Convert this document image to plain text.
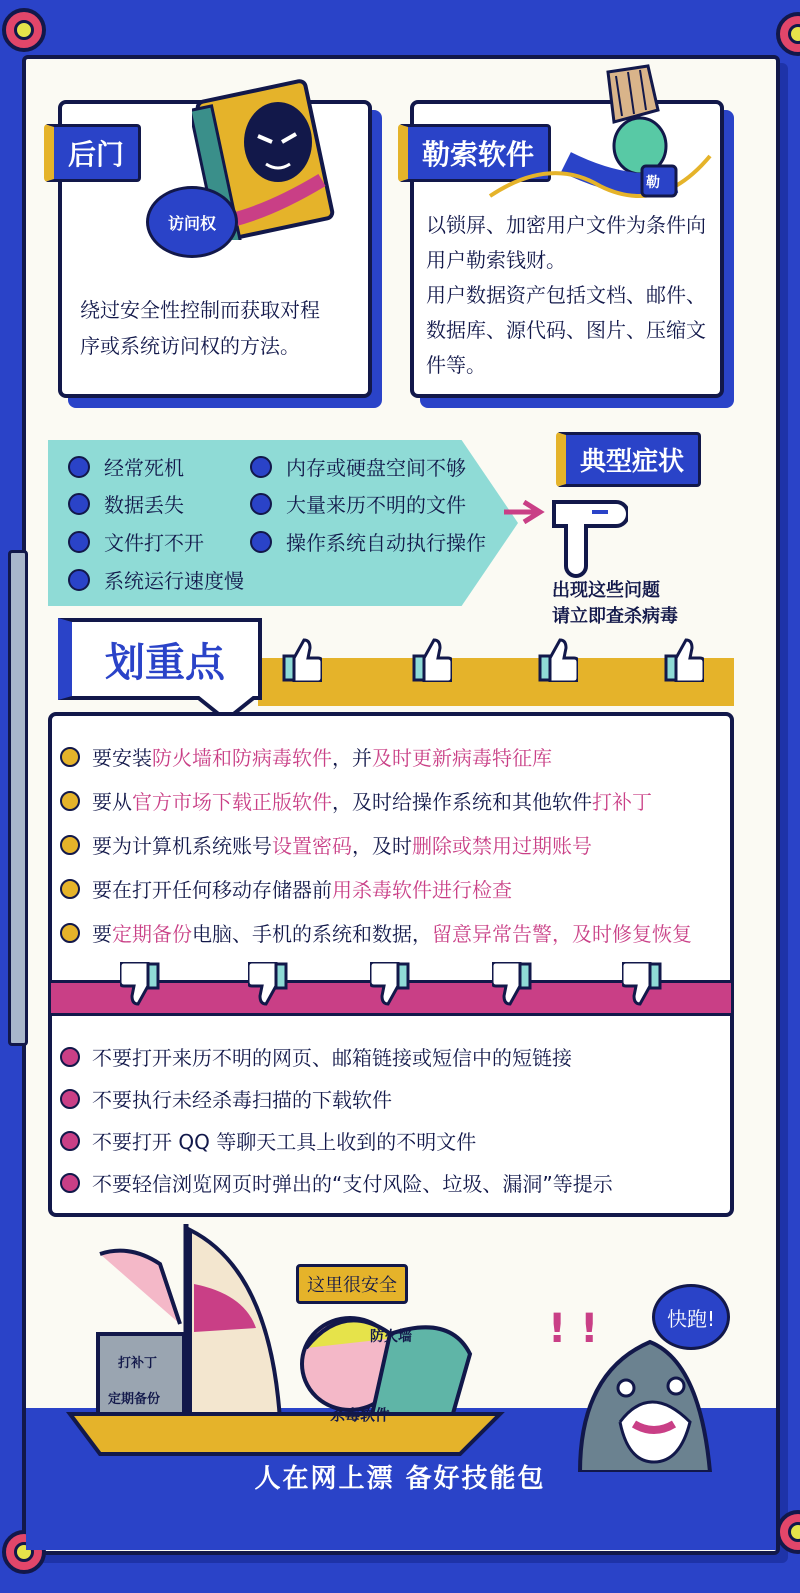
绕过安全性控制而获取对程
序或系统访问权的方法。
后门
访问权	以锁屏、加密用户文件为条件向
用户勒索钱财。
用户数据资产包括文档、邮件、
数据库、源代码、图片、压缩文
件等。
勒索软件
勒
经常死机
数据丢失
文件打不开
系统运行速度慢
内存或硬盘空间不够
大量来历不明的文件
操作系统自动执行操作
典型症状
出现这些问题
请立即查杀病毒
划重点
要安装 防火墙和防病毒软件 ，并 及时更新病毒特征库
要从 官方市场下载正版软件 ，及时给操作系统和其他软件 打补丁
要为计算机系统账号 设置密码 ，及时 删除或禁用过期账号
要在打开任何移动存储器前 用杀毒软件进行检查
要 定期备份 电脑、手机的系统和数据， 留意异常告警，及时修复恢复
不要打开来历不明的网页、邮箱链接或短信中的短链接
不要执行未经杀毒扫描的下载软件
不要打开 QQ 等聊天工具上收到的不明文件
不要轻信浏览网页时弹出的“支付风险、垃圾、漏洞”等提示
打补丁
定期备份
防火墙
杀毒软件
这里很安全
! !	快跑!
人在网上漂 备好技能包
